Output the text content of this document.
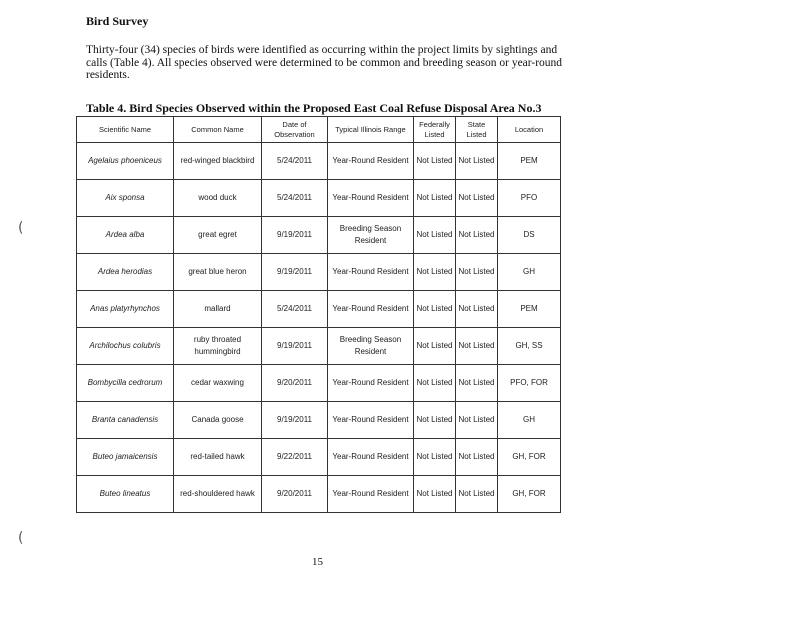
(
(
Bird Survey
Thirty-four (34) species of birds were identified as occurring within the project limits by sightings and calls (Table 4). All species observed were determined to be common and breeding season or year-round residents.
Table 4. Bird Species Observed within the Proposed East Coal Refuse Disposal Area No.3
Scientific Name	Common Name	Date of Observation	Typical Illinois Range	Federally Listed	State Listed	Location
Agelaius phoeniceus	red-winged blackbird	5/24/2011	Year-Round Resident	Not Listed	Not Listed	PEM
Aix sponsa	wood duck	5/24/2011	Year-Round Resident	Not Listed	Not Listed	PFO
Ardea alba	great egret	9/19/2011	Breeding Season Resident	Not Listed	Not Listed	DS
Ardea herodias	great blue heron	9/19/2011	Year-Round Resident	Not Listed	Not Listed	GH
Anas platyrhynchos	mallard	5/24/2011	Year-Round Resident	Not Listed	Not Listed	PEM
Archilochus colubris	ruby throated hummingbird	9/19/2011	Breeding Season Resident	Not Listed	Not Listed	GH, SS
Bombycilla cedrorum	cedar waxwing	9/20/2011	Year-Round Resident	Not Listed	Not Listed	PFO, FOR
Branta canadensis	Canada goose	9/19/2011	Year-Round Resident	Not Listed	Not Listed	GH
Buteo jamaicensis	red-tailed hawk	9/22/2011	Year-Round Resident	Not Listed	Not Listed	GH, FOR
Buteo lineatus	red-shouldered hawk	9/20/2011	Year-Round Resident	Not Listed	Not Listed	GH, FOR
15
